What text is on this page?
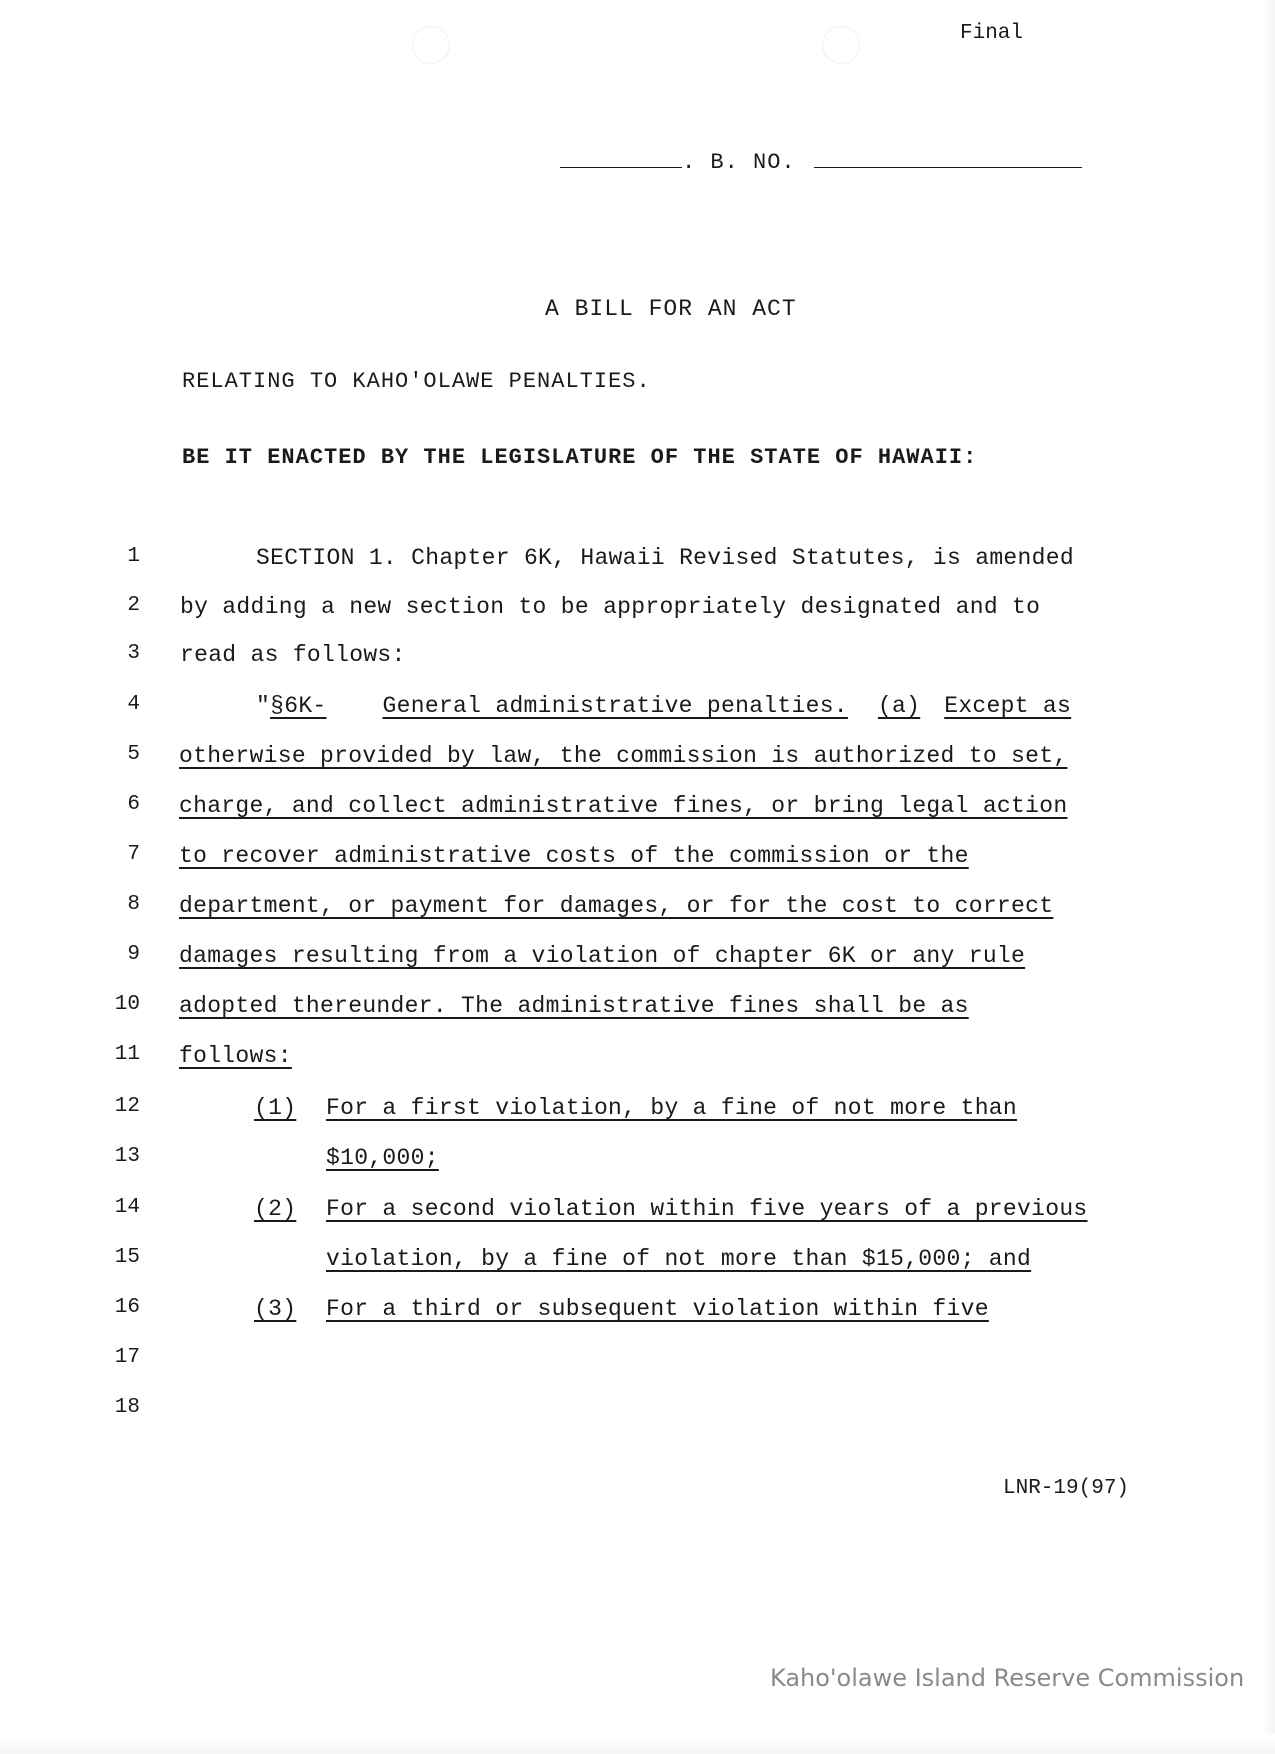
Final
. B. NO.
A BILL FOR AN ACT
RELATING TO KAHO'OLAWE PENALTIES.
BE IT ENACTED BY THE LEGISLATURE OF THE STATE OF HAWAII:
1	SECTION 1. Chapter 6K, Hawaii Revised Statutes, is amended
2 by adding a new section to be appropriately designated and to
3 read as follows:
4	"§6K- General administrative penalties. (a) Except as
5 otherwise provided by law, the commission is authorized to set,
6 charge, and collect administrative fines, or bring legal action
7 to recover administrative costs of the commission or the
8 department, or payment for damages, or for the cost to correct
9 damages resulting from a violation of chapter 6K or any rule
10 adopted thereunder. The administrative fines shall be as
11 follows:
12	(1) For a first violation, by a fine of not more than
13	$10,000;
14	(2) For a second violation within five years of a previous
15	violation, by a fine of not more than $15,000; and
16	(3) For a third or subsequent violation within five
17
18
LNR-19(97)
Kaho'olawe Island Reserve Commission
